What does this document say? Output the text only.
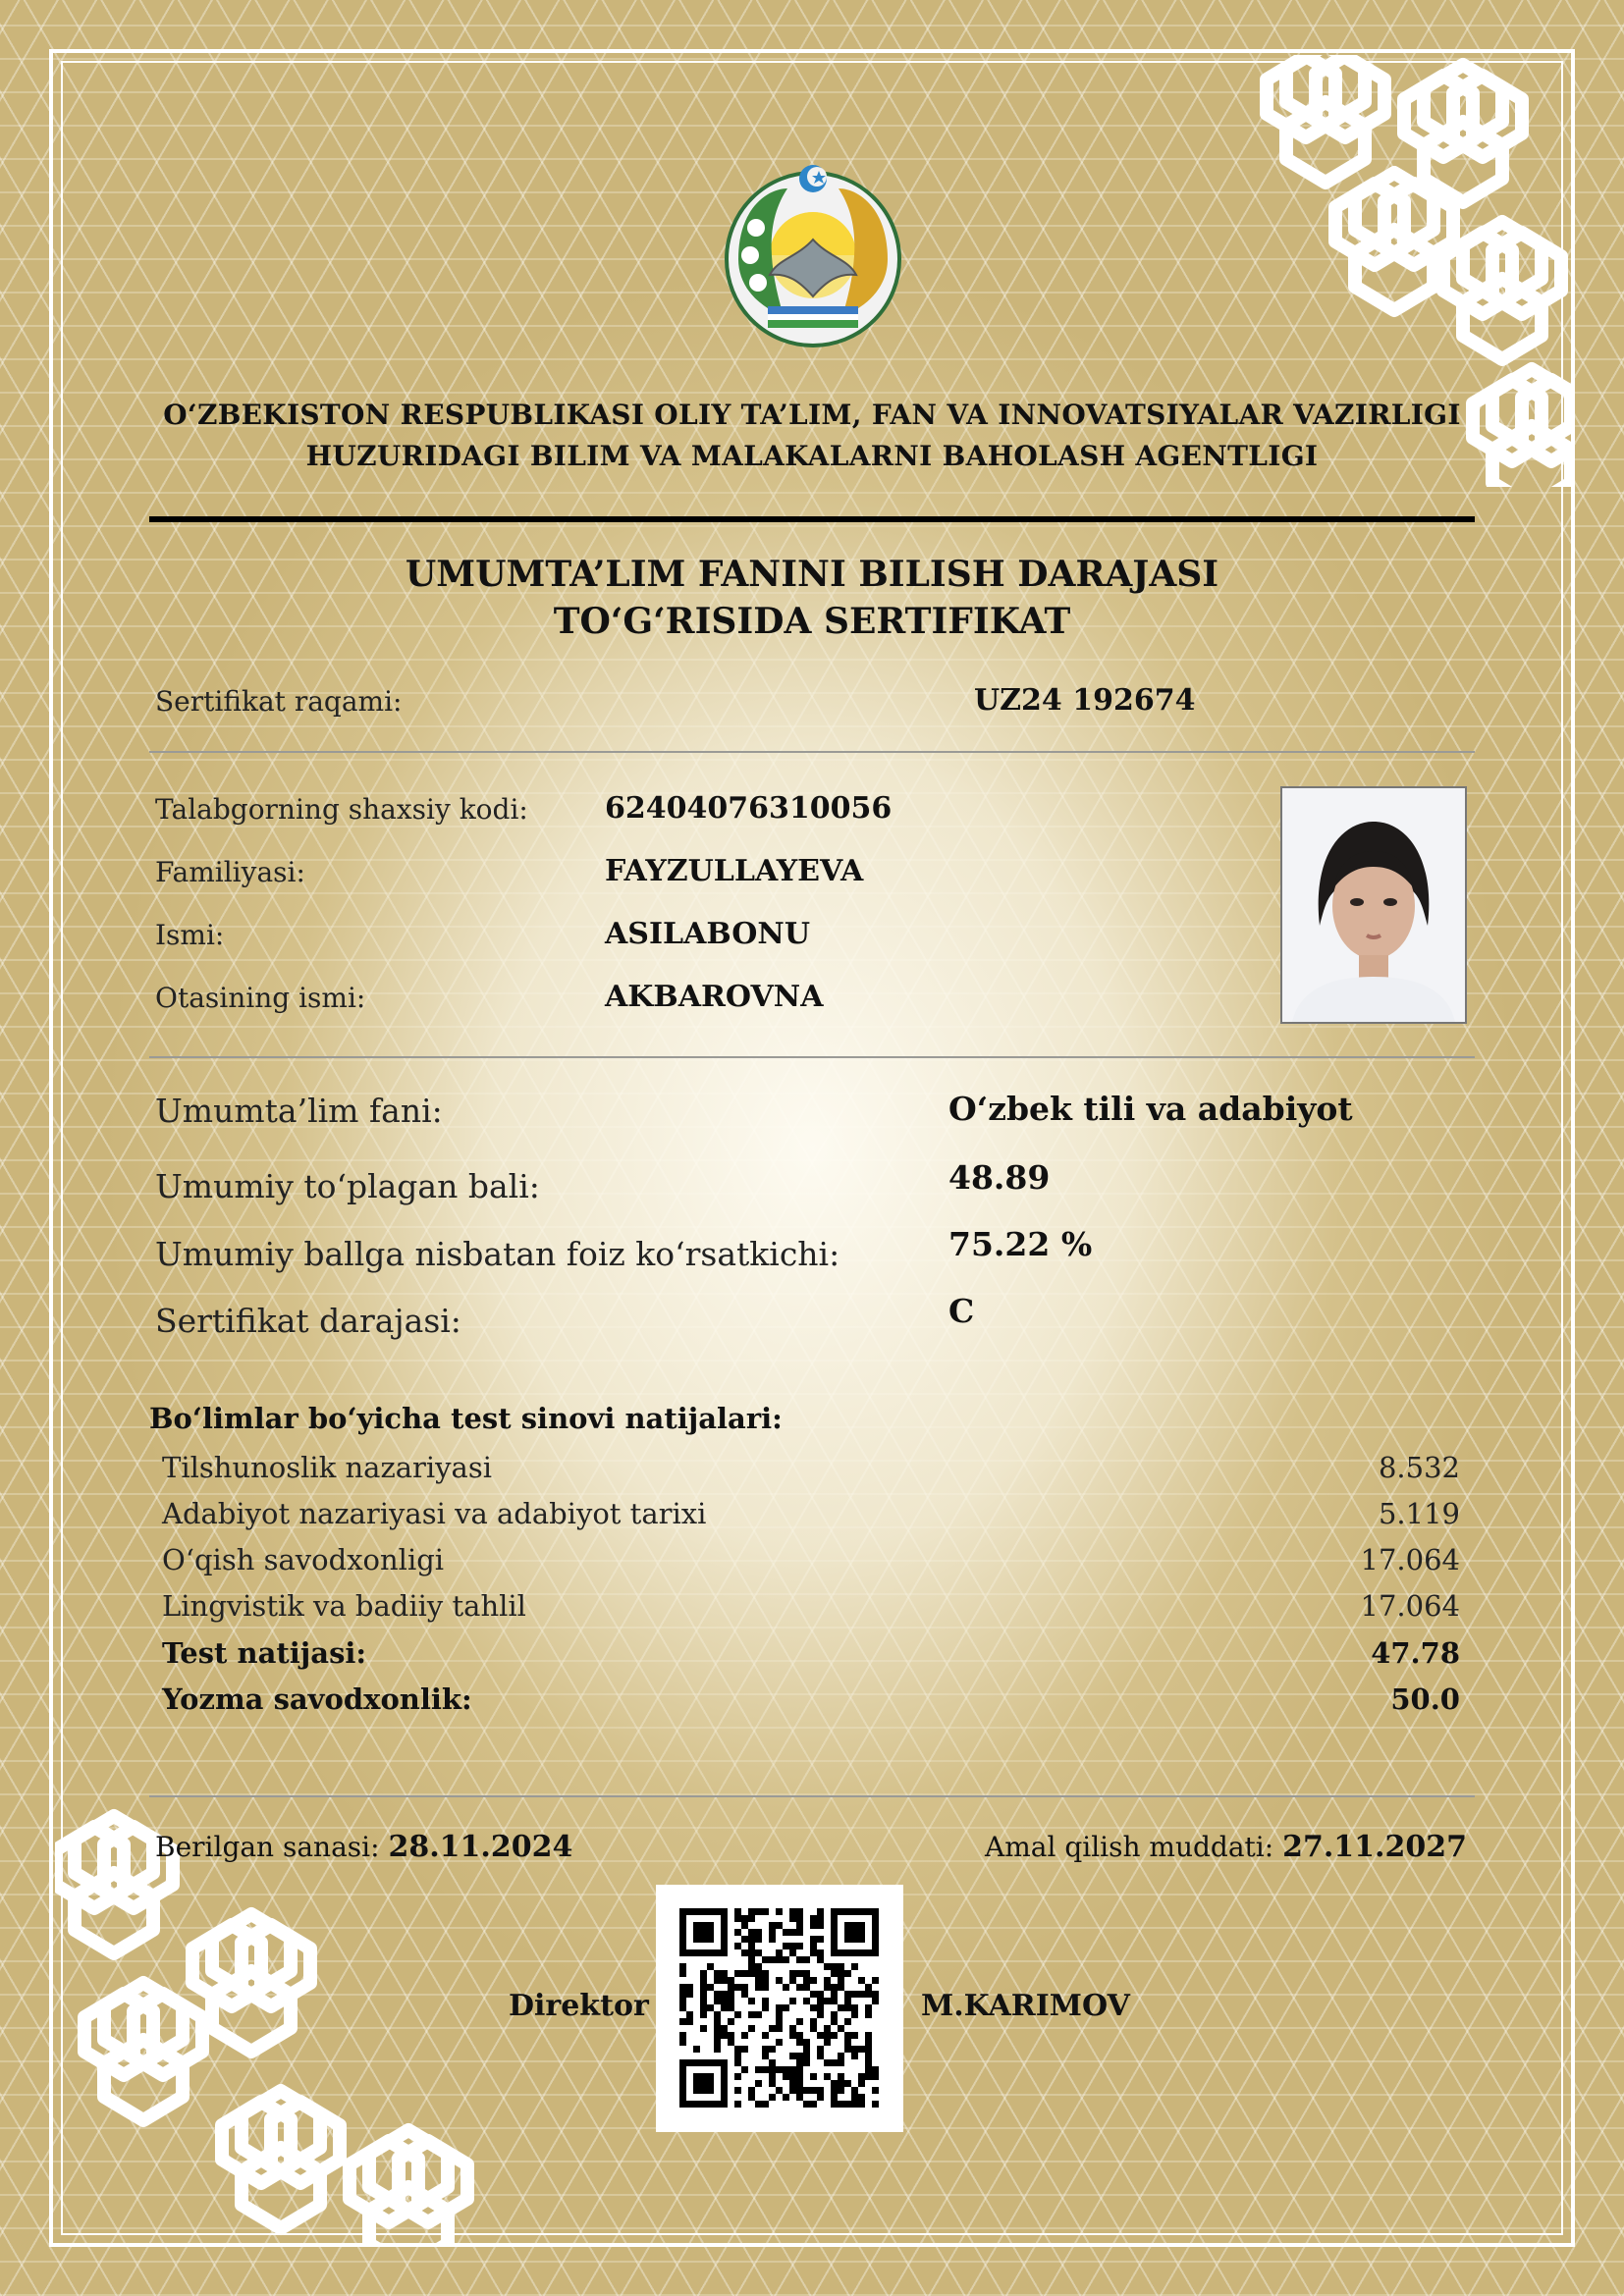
O‘ZBEKISTON RESPUBLIKASI OLIY TA’LIM, FAN VA INNOVATSIYALAR VAZIRLIGI
HUZURIDAGI BILIM VA MALAKALARNI BAHOLASH AGENTLIGI
UMUMTA’LIM FANINI BILISH DARAJASI
TO‘G‘RISIDA SERTIFIKAT
Sertifikat raqami:	UZ24 192674
Talabgorning shaxsiy kodi:	62404076310056
Familiyasi:	FAYZULLAYEVA
Ismi:	ASILABONU
Otasining ismi:	AKBAROVNA
Umumta’lim fani:	O‘zbek tili va adabiyot
Umumiy to‘plagan bali:	48.89
Umumiy ballga nisbatan foiz ko‘rsatkichi:	75.22 %
Sertifikat darajasi:	C
Bo‘limlar bo‘yicha test sinovi natijalari:
Tilshunoslik nazariyasi	8.532
Adabiyot nazariyasi va adabiyot tarixi	5.119
O‘qish savodxonligi	17.064
Lingvistik va badiiy tahlil	17.064
Test natijasi:	47.78
Yozma savodxonlik:	50.0
Berilgan sanasi: 28.11.2024	Amal qilish muddati: 27.11.2027
Direktor	M.KARIMOV
